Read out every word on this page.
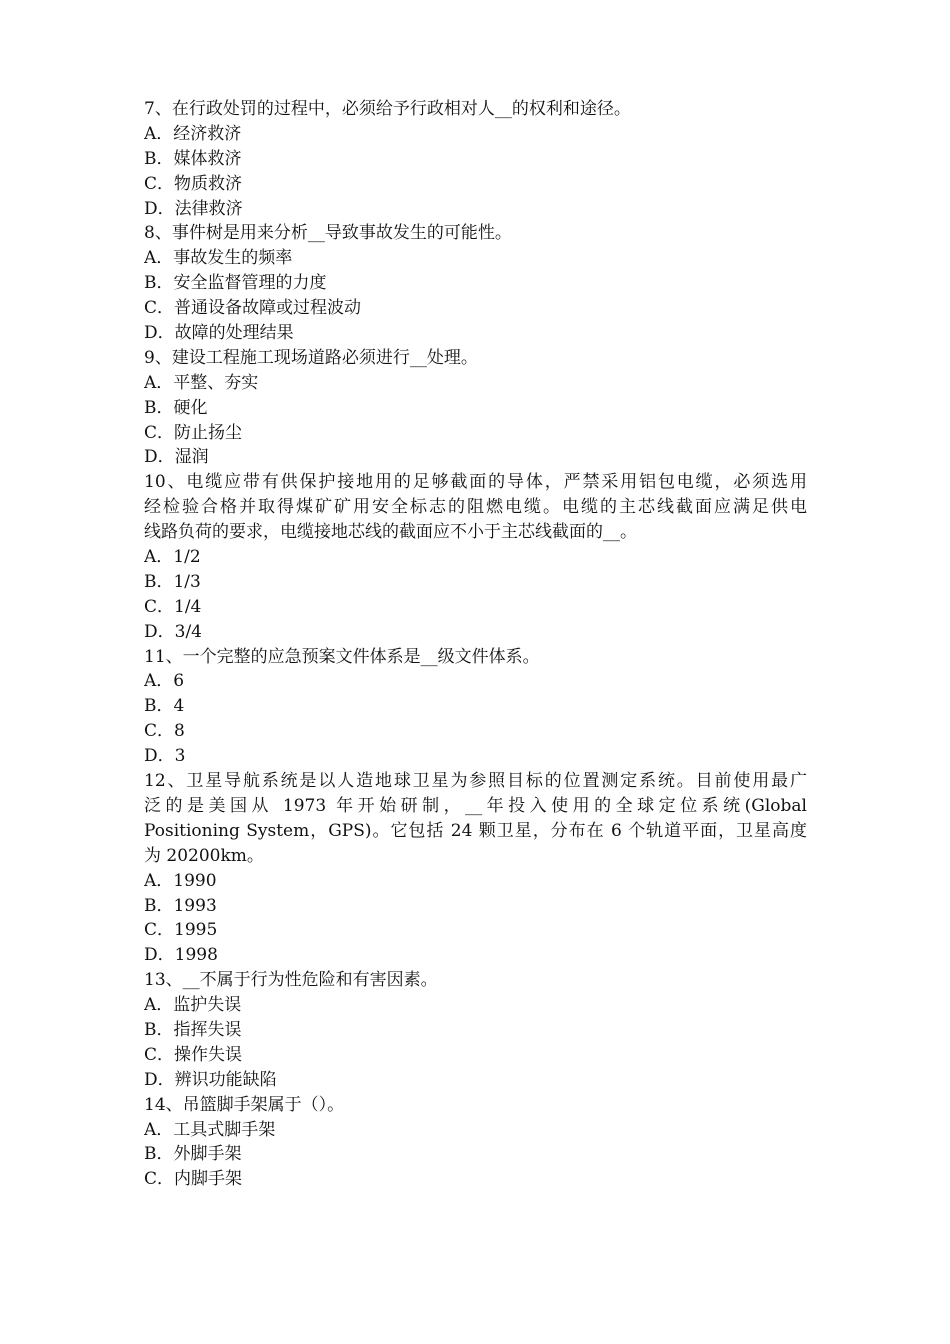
7、在行政处罚的过程中，必须给予行政相对人__的权利和途径。
A．经济救济
B．媒体救济
C．物质救济
D．法律救济
8、事件树是用来分析__导致事故发生的可能性。
A．事故发生的频率
B．安全监督管理的力度
C．普通设备故障或过程波动
D．故障的处理结果
9、建设工程施工现场道路必须进行__处理。
A．平整、夯实
B．硬化
C．防止扬尘
D．湿润
10、电缆应带有供保护接地用的足够截面的导体，严禁采用铝包电缆，必须选用
经检验合格并取得煤矿矿用安全标志的阻燃电缆。电缆的主芯线截面应满足供电
线路负荷的要求，电缆接地芯线的截面应不小于主芯线截面的__。
A．1/2
B．1/3
C．1/4
D．3/4
11、一个完整的应急预案文件体系是__级文件体系。
A．6
B．4
C．8
D．3
12、卫星导航系统是以人造地球卫星为参照目标的位置测定系统。目前使用最广
泛的是美国从 1973 年开始研制，__年投入使用的全球定位系统(Global
Positioning System，GPS)。它包括 24 颗卫星，分布在 6 个轨道平面，卫星高度
为 20200km。
A．1990
B．1993
C．1995
D．1998
13、__不属于行为性危险和有害因素。
A．监护失误
B．指挥失误
C．操作失误
D．辨识功能缺陷
14、吊篮脚手架属于（）。
A．工具式脚手架
B．外脚手架
C．内脚手架
